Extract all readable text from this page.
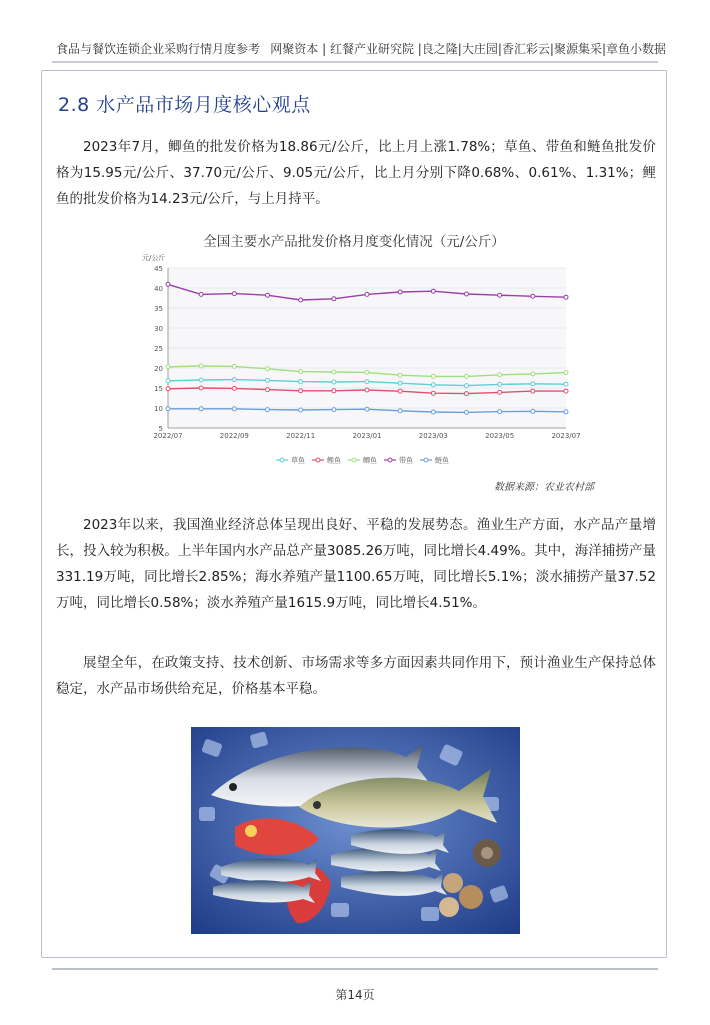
食品与餐饮连锁企业采购行情月度参考 网聚资本 | 红餐产业研究院 |良之隆|大庄园|香汇彩云|聚源集采|章鱼小数据
2.8 水产品市场月度核心观点

2023年7月，鲫鱼的批发价格为18.86元/公斤，比上月上涨1.78%；草鱼、带鱼和鲢鱼批发价格为15.95元/公斤、37.70元/公斤、9.05元/公斤，比上月分别下降0.68%、0.61%、1.31%；鲤鱼的批发价格为14.23元/公斤，与上月持平。

全国主要水产品批发价格月度变化情况（元/公斤）
5
10
15
20
25
30
35
40
45
元/公斤
2022/07	2022/09	2022/11	2023/01	2023/03	2023/05	2023/07
草鱼	鲤鱼	鲫鱼	带鱼	鲢鱼
数据来源：农业农村部

2023年以来，我国渔业经济总体呈现出良好、平稳的发展势态。渔业生产方面，水产品产量增长，投入较为积极。上半年国内水产品总产量3085.26万吨，同比增长4.49%。其中，海洋捕捞产量331.19万吨，同比增长2.85%；海水养殖产量1100.65万吨，同比增长5.1%；淡水捕捞产量37.52万吨，同比增长0.58%；淡水养殖产量1615.9万吨，同比增长4.51%。

展望全年，在政策支持、技术创新、市场需求等多方面因素共同作用下，预计渔业生产保持总体稳定，水产品市场供给充足，价格基本平稳。

第14页
